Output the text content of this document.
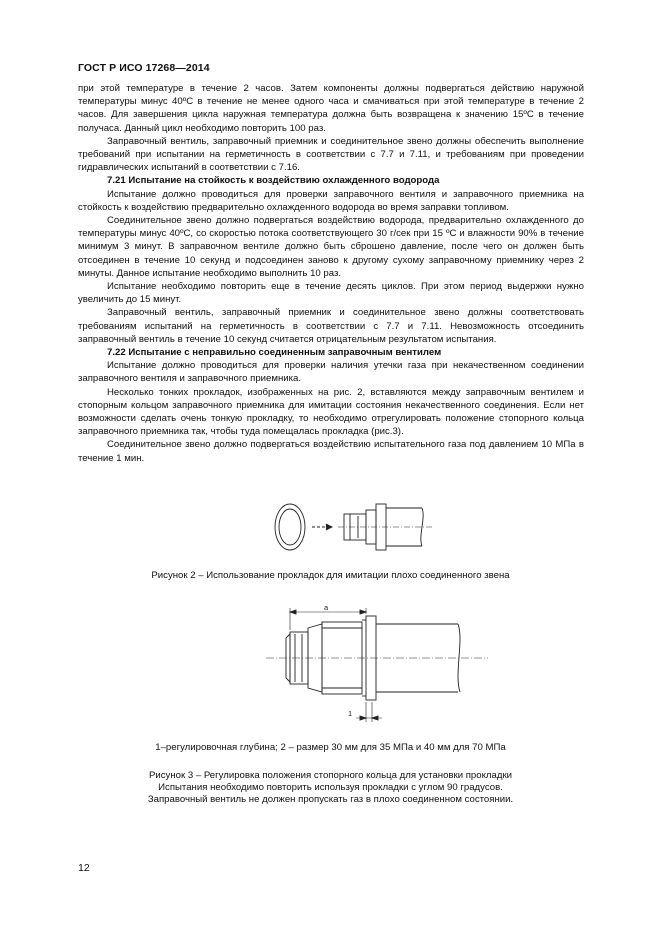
ГОСТ Р ИСО 17268—2014

при этой температуре в течение 2 часов. Затем компоненты должны подвергаться действию наружной температуры минус 40ºС в течение не менее одного часа и смачиваться при этой температуре в течение 2 часов. Для завершения цикла наружная температура должна быть возвращена к значению 15ºС в течение получаса. Данный цикл необходимо повторить 100 раз.

Заправочный вентиль, заправочный приемник и соединительное звено должны обеспечить выполнение требований при испытании на герметичность в соответствии с 7.7 и 7.11, и требованиям при проведении гидравлических испытаний в соответствии с 7.16.

7.21 Испытание на стойкость к воздействию охлажденного водорода

Испытание должно проводиться для проверки заправочного вентиля и заправочного приемника на стойкость к воздействию предварительно охлажденного водорода во время заправки топливом.

Соединительное звено должно подвергаться воздействию водорода, предварительно охлажденного до температуры минус 40ºС, со скоростью потока соответствующего 30 г/сек при 15 ºС и влажности 90% в течение минимум 3 минут. В заправочном вентиле должно быть сброшено давление, после чего он должен быть отсоединен в течение 10 секунд и подсоединен заново к другому сухому заправочному приемнику через 2 минуты. Данное испытание необходимо выполнить 10 раз.

Испытание необходимо повторить еще в течение десять циклов. При этом период выдержки нужно увеличить до 15 минут.

Заправочный вентиль, заправочный приемник и соединительное звено должны соответствовать требованиям испытаний на герметичность в соответствии с 7.7 и 7.11. Невозможность отсоединить заправочный вентиль в течение 10 секунд считается отрицательным результатом испытания.

7.22 Испытание с неправильно соединенным заправочным вентилем

Испытание должно проводиться для проверки наличия утечки газа при некачественном соединении заправочного вентиля и заправочного приемника.

Несколько тонких прокладок, изображенных на рис. 2, вставляются между заправочным вентилем и стопорным кольцом заправочного приемника для имитации состояния некачественного соединения. Если нет возможности сделать очень тонкую прокладку, то необходимо отрегулировать положение стопорного кольца заправочного приемника так, чтобы туда помещалась прокладка (рис.3).

Соединительное звено должно подвергаться воздействию испытательного газа под давлением 10 МПа в течение 1 мин.

Рисунок 2 – Использование прокладок для имитации плохо соединенного звена

a
1

1–регулировочная глубина; 2 – размер 30 мм для 35 МПа и 40 мм для 70 МПа

Рисунок 3 – Регулировка положения стопорного кольца для установки прокладки

Испытания необходимо повторить используя прокладки с углом 90 градусов.

Заправочный вентиль не должен пропускать газ в плохо соединенном состоянии.

12
